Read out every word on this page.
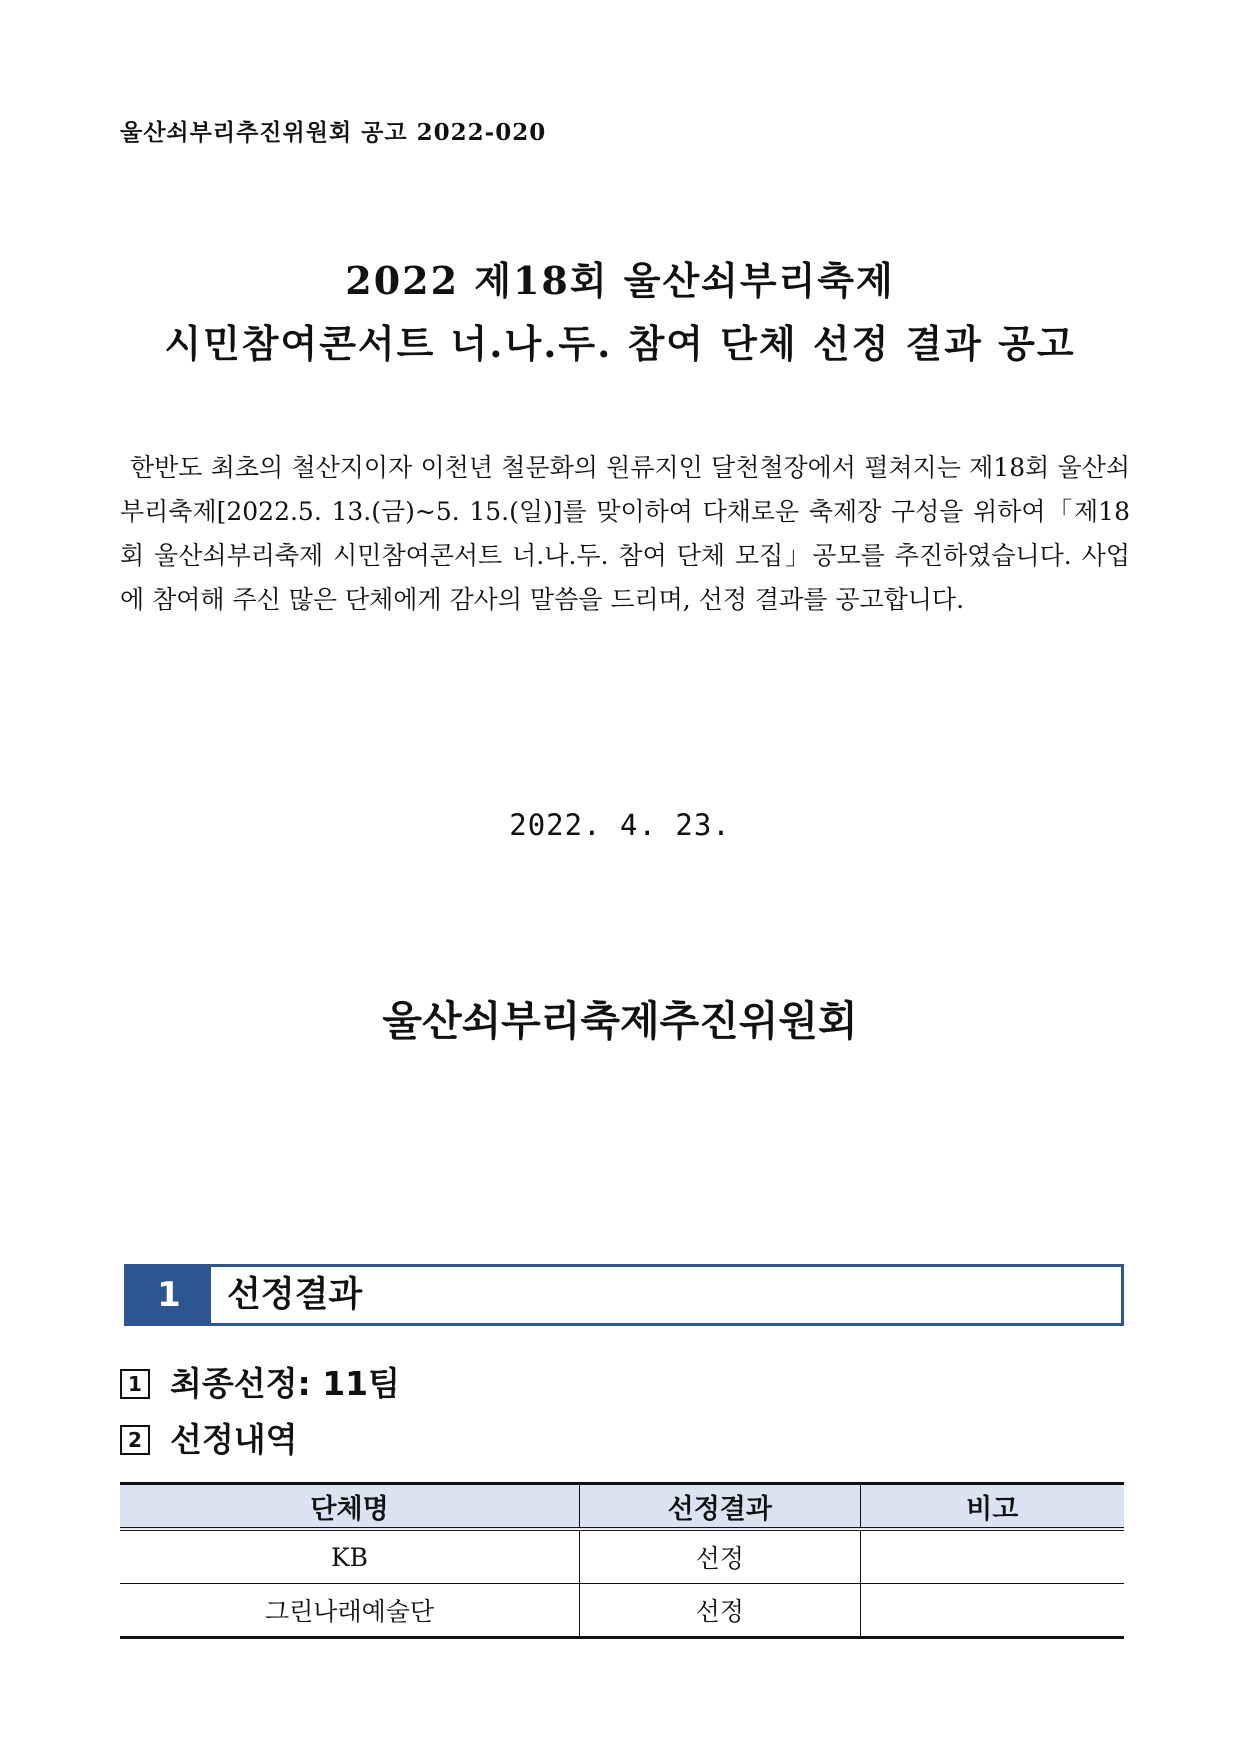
울산쇠부리추진위원회 공고 2022-020
2022 제18회 울산쇠부리축제
시민참여콘서트 너.나.두. 참여 단체 선정 결과 공고
한반도 최초의 철산지이자 이천년 철문화의 원류지인 달천철장에서 펼쳐지는 제18회 울산쇠부리축제[2022.5. 13.(금)~5. 15.(일)]를 맞이하여 다채로운 축제장 구성을 위하여「제18회 울산쇠부리축제 시민참여콘서트 너.나.두. 참여 단체 모집」공모를 추진하였습니다. 사업에 참여해 주신 많은 단체에게 감사의 말씀을 드리며, 선정 결과를 공고합니다.
2022. 4. 23.
울산쇠부리축제추진위원회
1	선정결과
1 최종선정: 11팀
2 선정내역
단체명	선정결과	비고
KB	선정	
그린나래예술단	선정	
